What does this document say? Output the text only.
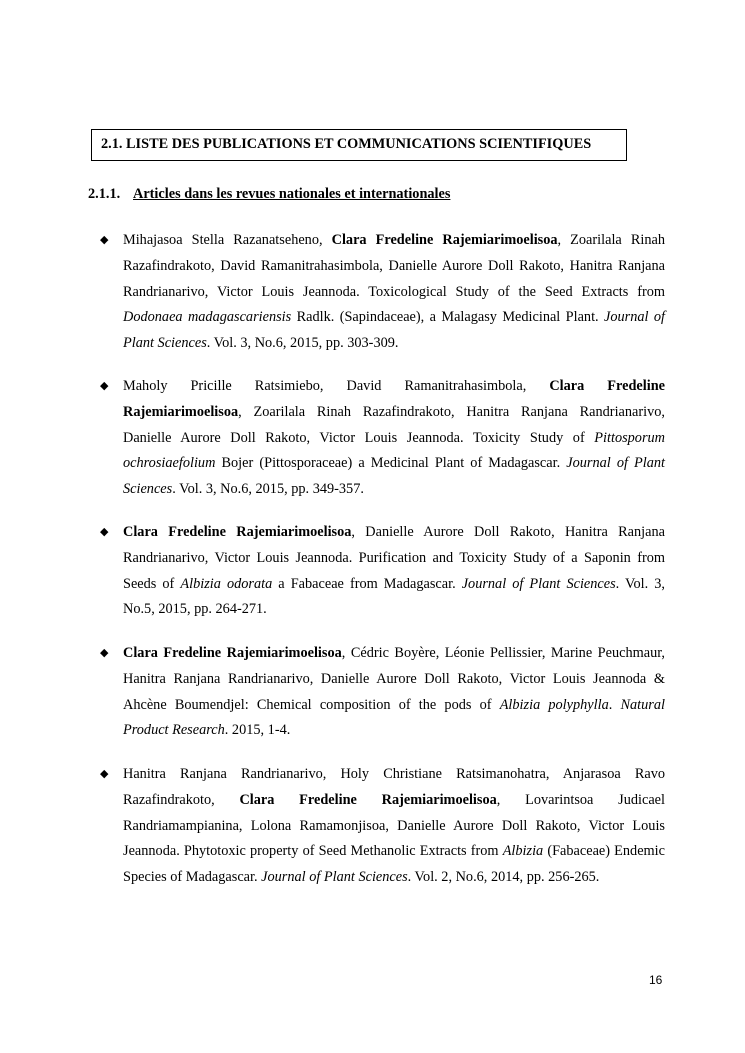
2.1. LISTE DES PUBLICATIONS ET COMMUNICATIONS SCIENTIFIQUES
2.1.1. Articles dans les revues nationales et internationales
◆ Mihajasoa Stella Razanatseheno, Clara Fredeline Rajemiarimoelisoa, Zoarilala Rinah Razafindrakoto, David Ramanitrahasimbola, Danielle Aurore Doll Rakoto, Hanitra Ranjana Randrianarivo, Victor Louis Jeannoda. Toxicological Study of the Seed Extracts from Dodonaea madagascariensis Radlk. (Sapindaceae), a Malagasy Medicinal Plant. Journal of Plant Sciences. Vol. 3, No.6, 2015, pp. 303-309.
◆ Maholy Pricille Ratsimiebo, David Ramanitrahasimbola, Clara Fredeline Rajemiarimoelisoa, Zoarilala Rinah Razafindrakoto, Hanitra Ranjana Randrianarivo, Danielle Aurore Doll Rakoto, Victor Louis Jeannoda. Toxicity Study of Pittosporum ochrosiaefolium Bojer (Pittosporaceae) a Medicinal Plant of Madagascar. Journal of Plant Sciences. Vol. 3, No.6, 2015, pp. 349-357.
◆ Clara Fredeline Rajemiarimoelisoa, Danielle Aurore Doll Rakoto, Hanitra Ranjana Randrianarivo, Victor Louis Jeannoda. Purification and Toxicity Study of a Saponin from Seeds of Albizia odorata a Fabaceae from Madagascar. Journal of Plant Sciences. Vol. 3, No.5, 2015, pp. 264-271.
◆ Clara Fredeline Rajemiarimoelisoa, Cédric Boyère, Léonie Pellissier, Marine Peuchmaur, Hanitra Ranjana Randrianarivo, Danielle Aurore Doll Rakoto, Victor Louis Jeannoda & Ahcène Boumendjel: Chemical composition of the pods of Albizia polyphylla. Natural Product Research. 2015, 1-4.
◆ Hanitra Ranjana Randrianarivo, Holy Christiane Ratsimanohatra, Anjarasoa Ravo Razafindrakoto, Clara Fredeline Rajemiarimoelisoa, Lovarintsoa Judicael Randriamampianina, Lolona Ramamonjisoa, Danielle Aurore Doll Rakoto, Victor Louis Jeannoda. Phytotoxic property of Seed Methanolic Extracts from Albizia (Fabaceae) Endemic Species of Madagascar. Journal of Plant Sciences. Vol. 2, No.6, 2014, pp. 256-265.
16
